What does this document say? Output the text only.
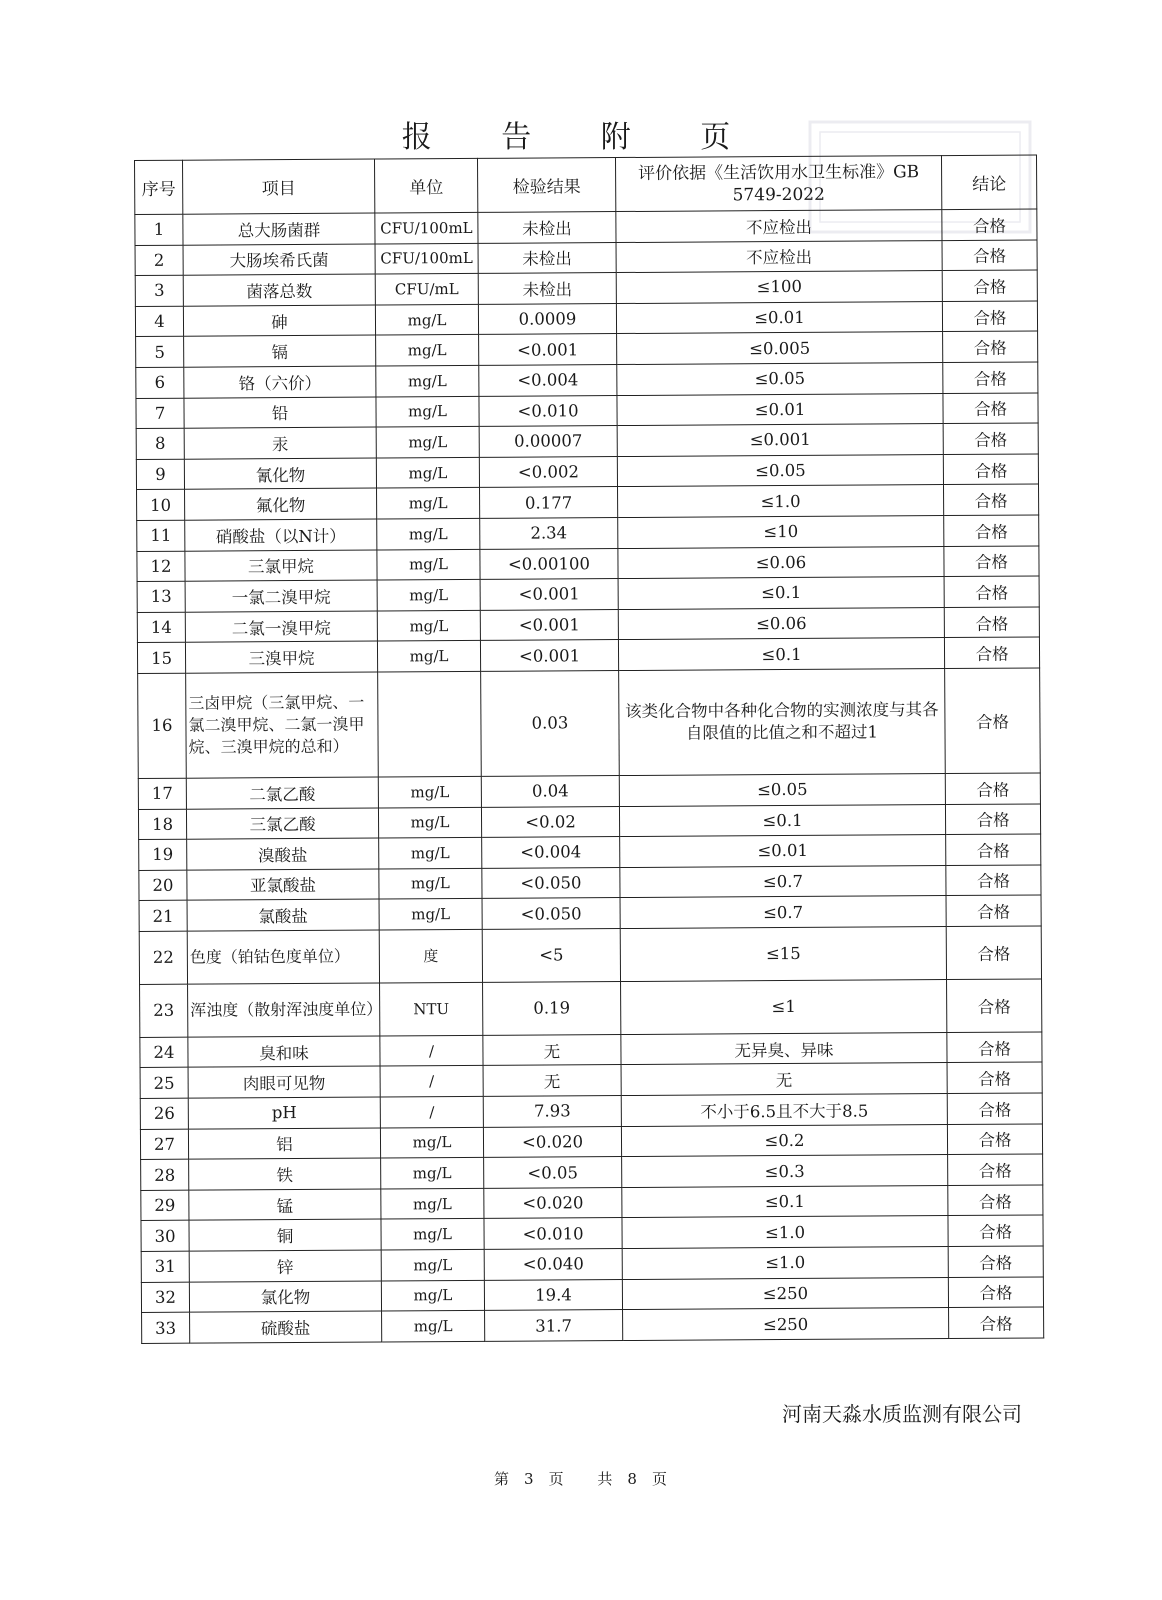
报 告 附 页
序号	项目	单位	检验结果	评价依据《生活饮用水卫生标准》GB 5749-2022	结论
1	总大肠菌群	CFU/100mL	未检出	不应检出	合格
2	大肠埃希氏菌	CFU/100mL	未检出	不应检出	合格
3	菌落总数	CFU/mL	未检出	≤100	合格
4	砷	mg/L	0.0009	≤0.01	合格
5	镉	mg/L	<0.001	≤0.005	合格
6	铬（六价）	mg/L	<0.004	≤0.05	合格
7	铅	mg/L	<0.010	≤0.01	合格
8	汞	mg/L	0.00007	≤0.001	合格
9	氰化物	mg/L	<0.002	≤0.05	合格
10	氟化物	mg/L	0.177	≤1.0	合格
11	硝酸盐（以N计）	mg/L	2.34	≤10	合格
12	三氯甲烷	mg/L	<0.00100	≤0.06	合格
13	一氯二溴甲烷	mg/L	<0.001	≤0.1	合格
14	二氯一溴甲烷	mg/L	<0.001	≤0.06	合格
15	三溴甲烷	mg/L	<0.001	≤0.1	合格
16	三卤甲烷（三氯甲烷、一氯二溴甲烷、二氯一溴甲烷、三溴甲烷的总和）		0.03	该类化合物中各种化合物的实测浓度与其各自限值的比值之和不超过1	合格
17	二氯乙酸	mg/L	0.04	≤0.05	合格
18	三氯乙酸	mg/L	<0.02	≤0.1	合格
19	溴酸盐	mg/L	<0.004	≤0.01	合格
20	亚氯酸盐	mg/L	<0.050	≤0.7	合格
21	氯酸盐	mg/L	<0.050	≤0.7	合格
22	色度（铂钴色度单位）	度	<5	≤15	合格
23	浑浊度（散射浑浊度单位）	NTU	0.19	≤1	合格
24	臭和味	/	无	无异臭、异味	合格
25	肉眼可见物	/	无	无	合格
26	pH	/	7.93	不小于6.5且不大于8.5	合格
27	铝	mg/L	<0.020	≤0.2	合格
28	铁	mg/L	<0.05	≤0.3	合格
29	锰	mg/L	<0.020	≤0.1	合格
30	铜	mg/L	<0.010	≤1.0	合格
31	锌	mg/L	<0.040	≤1.0	合格
32	氯化物	mg/L	19.4	≤250	合格
33	硫酸盐	mg/L	31.7	≤250	合格
河南天淼水质监测有限公司
第 3 页 共 8 页
